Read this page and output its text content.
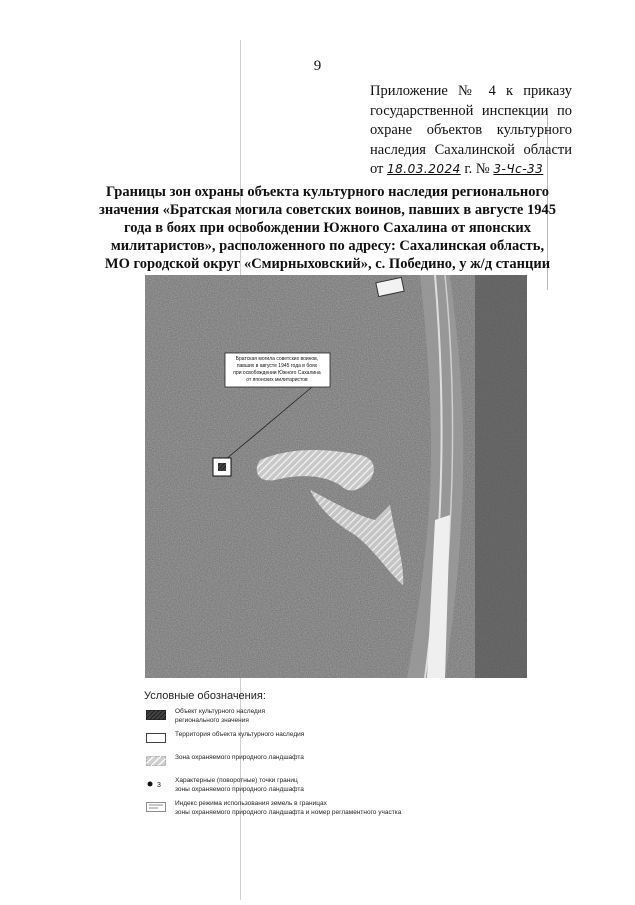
9
Приложение № 4 к приказу
государственной инспекции по
охране объектов культурного
наследия Сахалинской области
от 18.03.2024 г. № 3-Чс-33
Границы зон охраны объекта культурного наследия регионального
значения «Братская могила советских воинов, павших в августе 1945
года в боях при освобождении Южного Сахалина от японских
милитаристов», расположенного по адресу: Сахалинская область,
МО городской округ «Смирныховский», с. Победино, у ж/д станции
Братская могила советских воинов,
павших в августе 1945 года в боях
при освобождении Южного Сахалина
от японских милитаристов
Условные обозначения:
Объект культурного наследия
регионального значения
Территория объекта культурного наследия
Зона охраняемого природного ландшафта
3
Характерные (поворотные) точки границ
зоны охраняемого природного ландшафта
Индекс режима использования земель в границах
зоны охраняемого природного ландшафта и номер регламентного участка
